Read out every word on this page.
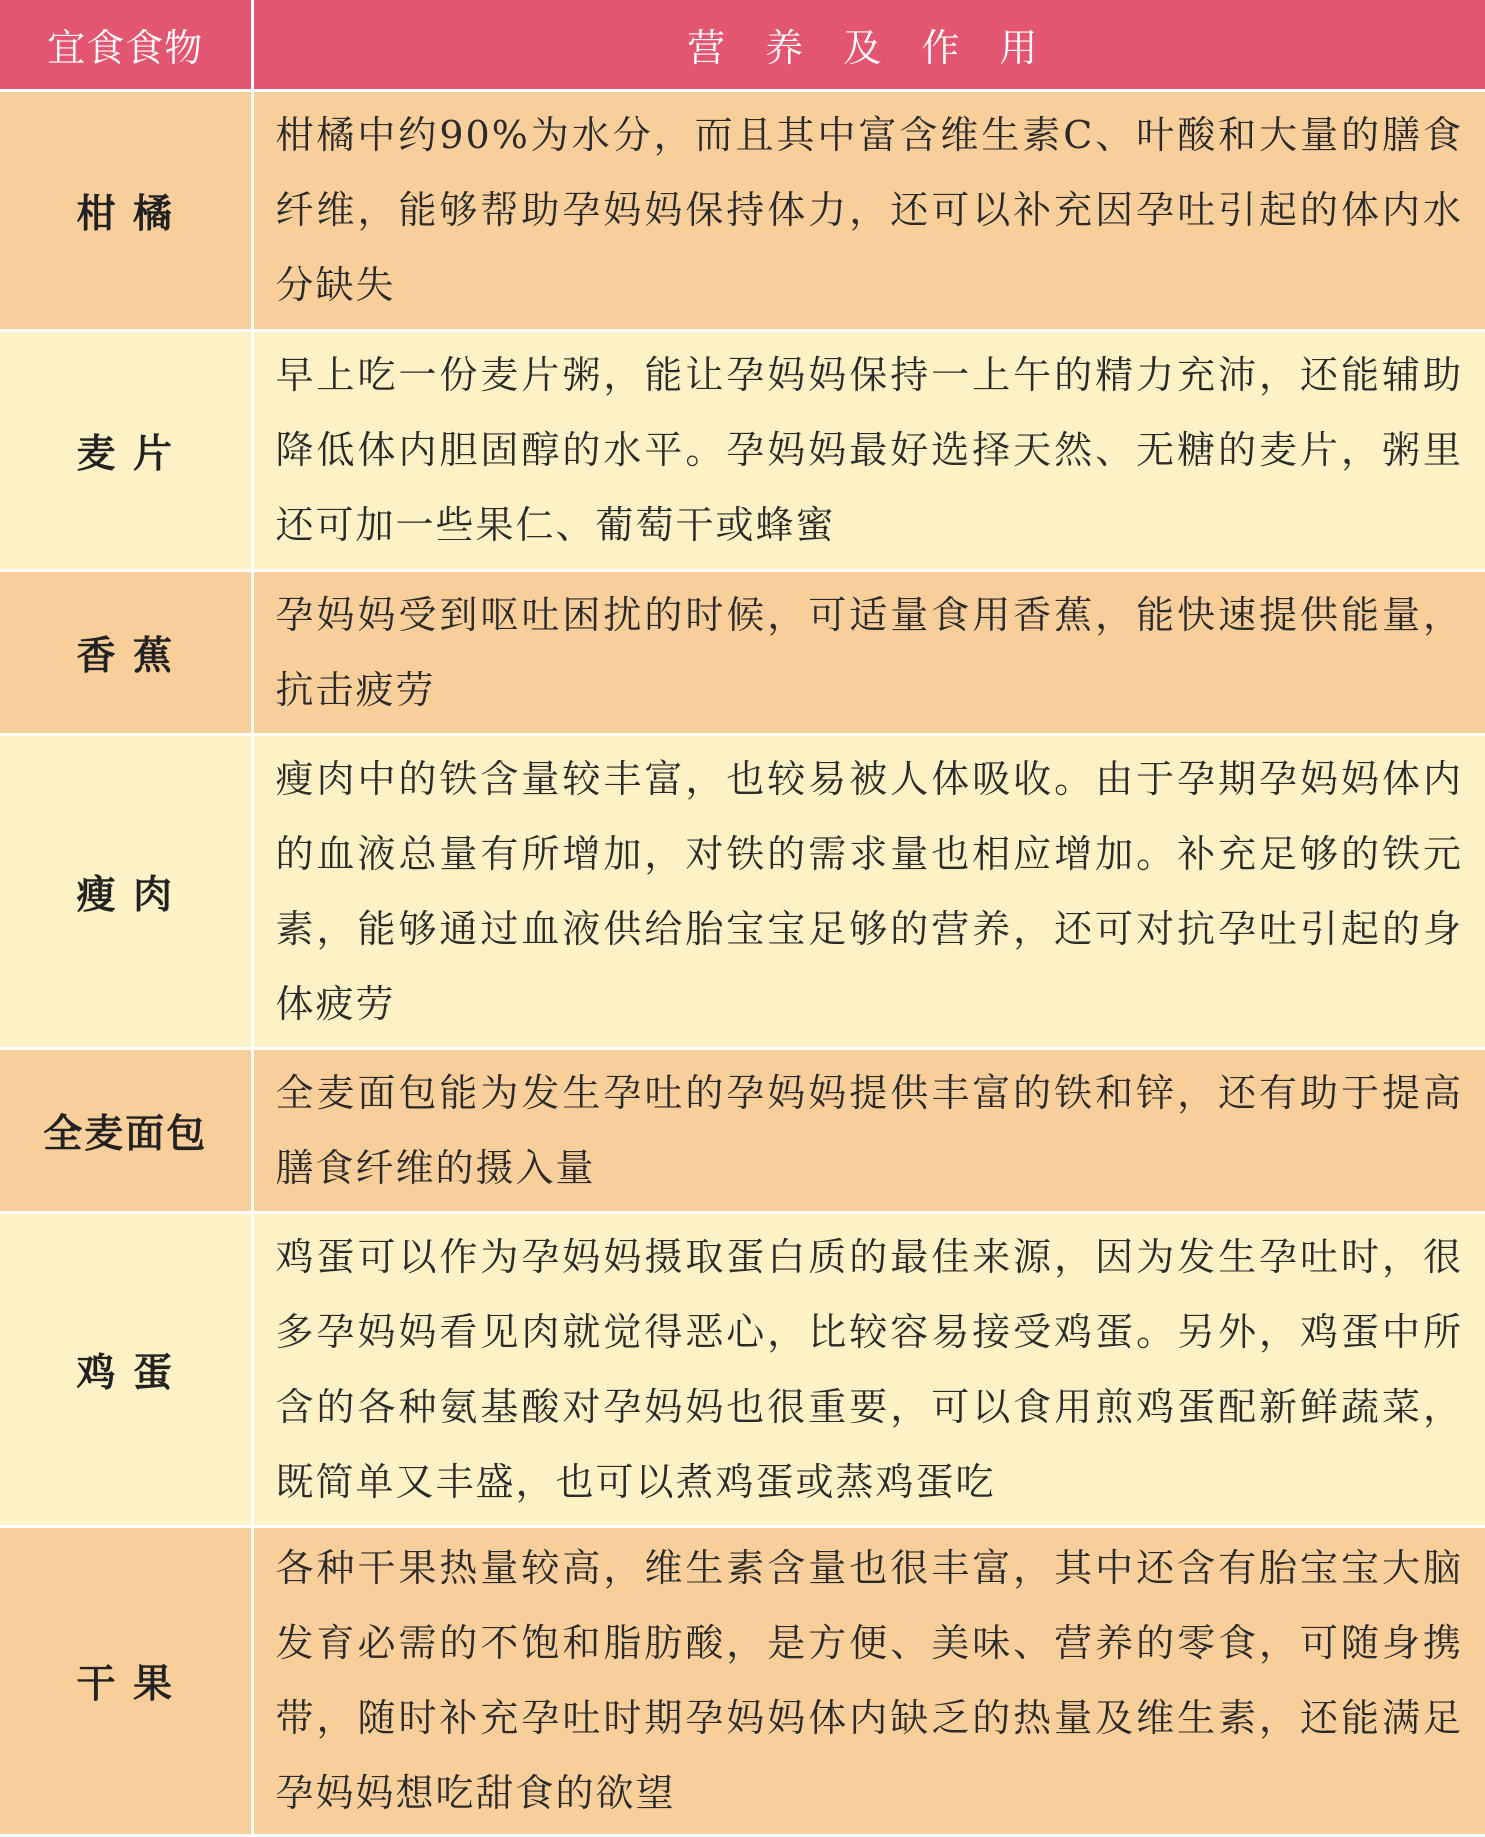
宜食食物	营 养 及 作 用
柑 橘	柑橘中约90%为水分，而且其中富含维生素C、叶酸和大量的膳食纤维，能够帮助孕妈妈保持体力，还可以补充因孕吐引起的体内水分缺失
麦 片	早上吃一份麦片粥，能让孕妈妈保持一上午的精力充沛，还能辅助降低体内胆固醇的水平。孕妈妈最好选择天然、无糖的麦片，粥里还可加一些果仁、葡萄干或蜂蜜
香 蕉	孕妈妈受到呕吐困扰的时候，可适量食用香蕉，能快速提供能量，抗击疲劳
瘦 肉	瘦肉中的铁含量较丰富，也较易被人体吸收。由于孕期孕妈妈体内的血液总量有所增加，对铁的需求量也相应增加。补充足够的铁元素，能够通过血液供给胎宝宝足够的营养，还可对抗孕吐引起的身体疲劳
全麦面包	全麦面包能为发生孕吐的孕妈妈提供丰富的铁和锌，还有助于提高膳食纤维的摄入量
鸡 蛋	鸡蛋可以作为孕妈妈摄取蛋白质的最佳来源，因为发生孕吐时，很多孕妈妈看见肉就觉得恶心，比较容易接受鸡蛋。另外，鸡蛋中所含的各种氨基酸对孕妈妈也很重要，可以食用煎鸡蛋配新鲜蔬菜，既简单又丰盛，也可以煮鸡蛋或蒸鸡蛋吃
干 果	各种干果热量较高，维生素含量也很丰富，其中还含有胎宝宝大脑发育必需的不饱和脂肪酸，是方便、美味、营养的零食，可随身携带，随时补充孕吐时期孕妈妈体内缺乏的热量及维生素，还能满足孕妈妈想吃甜食的欲望
